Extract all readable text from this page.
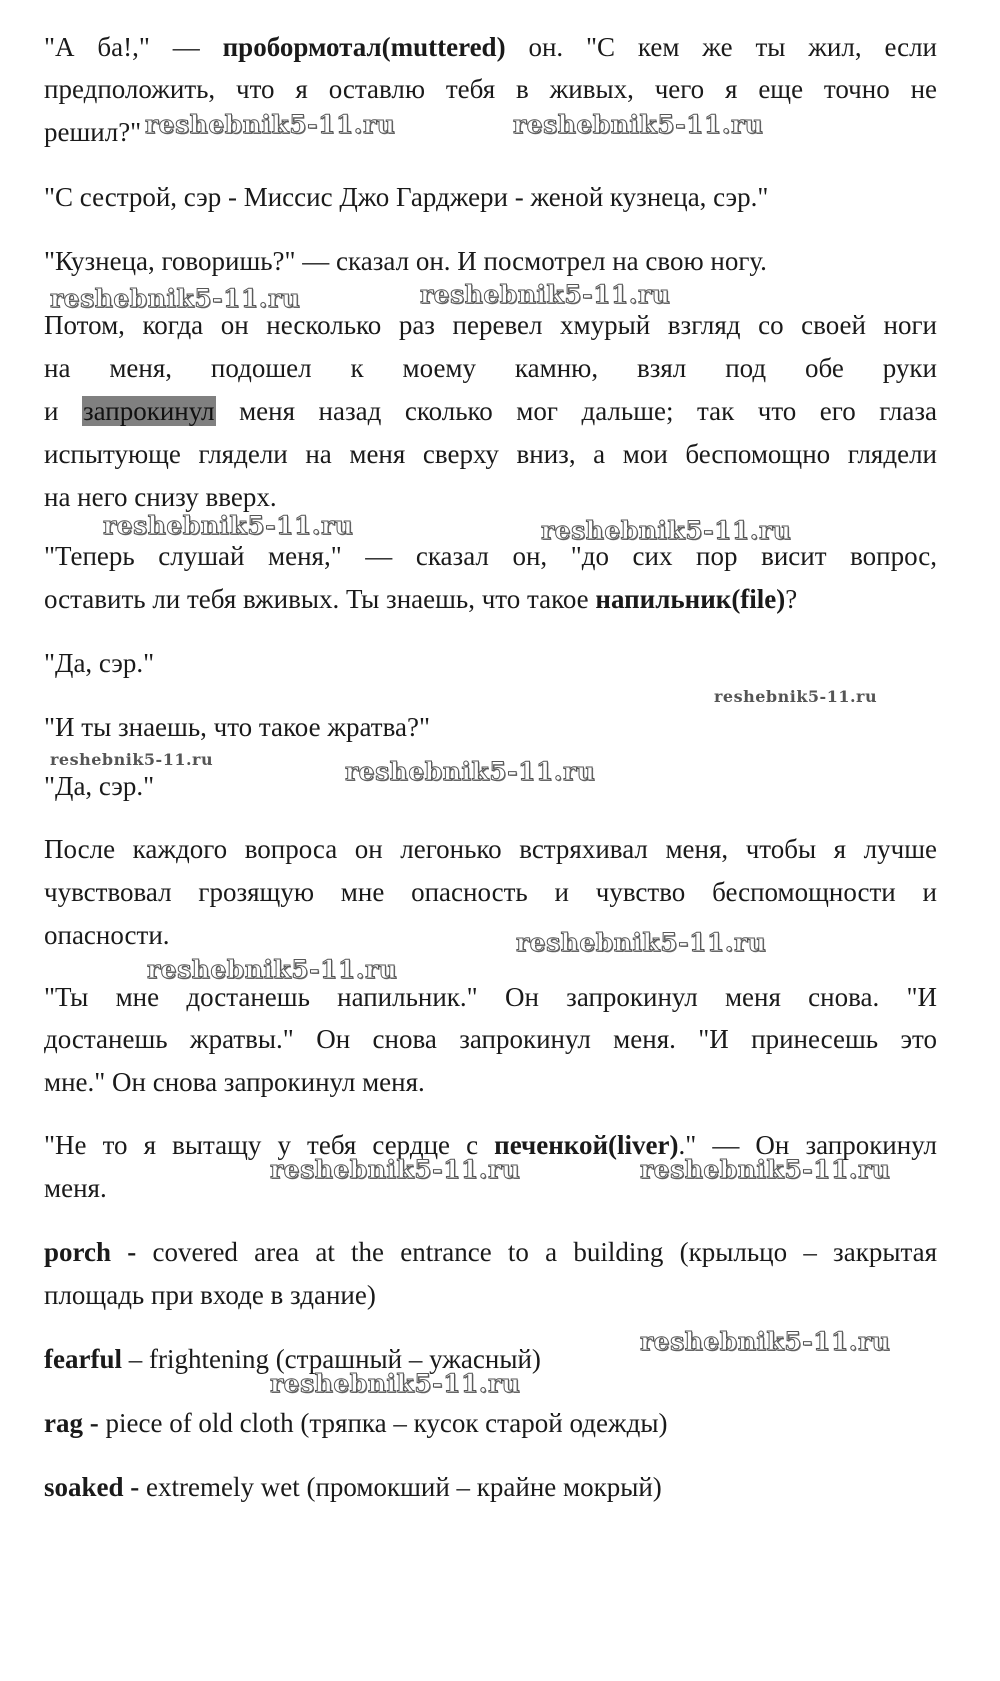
"А ба!," — пробормотал(muttered) он. "С кем же ты жил, если
предположить, что я оставлю тебя в живых, чего я еще точно не
решил?"
"С сестрой, сэр - Миссис Джо Гарджери - женой кузнеца, сэр."
"Кузнеца, говоришь?" — сказал он. И посмотрел на свою ногу.
Потом, когда он несколько раз перевел хмурый взгляд со своей ноги
на меня, подошел к моему камню, взял под обе руки
и запрокинул меня назад сколько мог дальше; так что его глаза
испытующе глядели на меня сверху вниз, а мои беспомощно глядели
на него снизу вверх.
"Теперь слушай меня," — сказал он, "до сих пор висит вопрос,
оставить ли тебя вживых. Ты знаешь, что такое напильник(file)?
"Да, сэр."
"И ты знаешь, что такое жратва?"
"Да, сэр."
После каждого вопроса он легонько встряхивал меня, чтобы я лучше
чувствовал грозящую мне опасность и чувство беспомощности и
опасности.
"Ты мне достанешь напильник." Он запрокинул меня снова. "И
достанешь жратвы." Он снова запрокинул меня. "И принесешь это
мне." Он снова запрокинул меня.
"Не то я вытащу у тебя сердце с печенкой(liver)." — Он запрокинул
меня.
porch - covered area at the entrance to a building (крыльцо – закрытая
площадь при входе в здание)
fearful – frightening (страшный – ужасный)
rag - piece of old cloth (тряпка – кусок старой одежды)
soaked - extremely wet (промокший – крайне мокрый)
reshebnik5-11.ru	reshebnik5-11.ru
reshebnik5-11.ru	reshebnik5-11.ru
reshebnik5-11.ru	reshebnik5-11.ru
reshebnik5-11.ru
reshebnik5-11.ru	reshebnik5-11.ru
reshebnik5-11.ru
reshebnik5-11.ru
reshebnik5-11.ru	reshebnik5-11.ru
reshebnik5-11.ru
reshebnik5-11.ru
